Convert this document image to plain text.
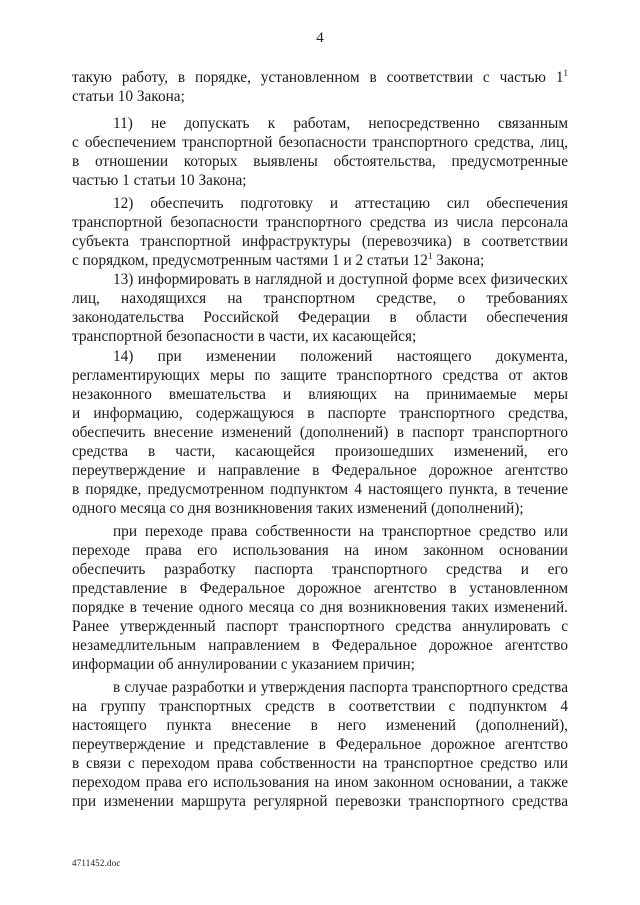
4
такую работу, в порядке, установленном в соответствии с частью $1^1$
статьи 10 Закона;
11) не допускать к работам, непосредственно связанным
с обеспечением транспортной безопасности транспортного средства, лиц,
в отношении которых выявлены обстоятельства, предусмотренные
частью 1 статьи 10 Закона;
12) обеспечить подготовку и аттестацию сил обеспечения
транспортной безопасности транспортного средства из числа персонала
субъекта транспортной инфраструктуры (перевозчика) в соответствии
с порядком, предусмотренным частями 1 и 2 статьи $12^1$ Закона;
13) информировать в наглядной и доступной форме всех физических
лиц, находящихся на транспортном средстве, о требованиях
законодательства Российской Федерации в области обеспечения
транспортной безопасности в части, их касающейся;
14) при изменении положений настоящего документа,
регламентирующих меры по защите транспортного средства от актов
незаконного вмешательства и влияющих на принимаемые меры
и информацию, содержащуюся в паспорте транспортного средства,
обеспечить внесение изменений (дополнений) в паспорт транспортного
средства в части, касающейся произошедших изменений, его
переутверждение и направление в Федеральное дорожное агентство
в порядке, предусмотренном подпунктом 4 настоящего пункта, в течение
одного месяца со дня возникновения таких изменений (дополнений);
при переходе права собственности на транспортное средство или
переходе права его использования на ином законном основании
обеспечить разработку паспорта транспортного средства и его
представление в Федеральное дорожное агентство в установленном
порядке в течение одного месяца со дня возникновения таких изменений.
Ранее утвержденный паспорт транспортного средства аннулировать с
незамедлительным направлением в Федеральное дорожное агентство
информации об аннулировании с указанием причин;
в случае разработки и утверждения паспорта транспортного средства
на группу транспортных средств в соответствии с подпунктом 4
настоящего пункта внесение в него изменений (дополнений),
переутверждение и представление в Федеральное дорожное агентство
в связи с переходом права собственности на транспортное средство или
переходом права его использования на ином законном основании, а также
при изменении маршрута регулярной перевозки транспортного средства
4711452.doc
